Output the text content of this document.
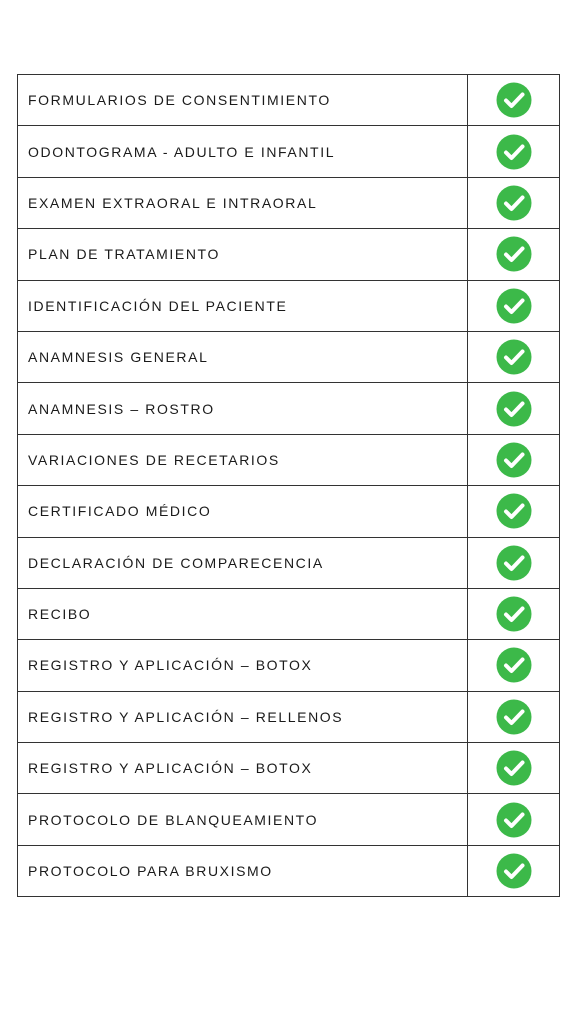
FORMULARIOS DE CONSENTIMIENTO	
ODONTOGRAMA - ADULTO E INFANTIL	
EXAMEN EXTRAORAL E INTRAORAL	
PLAN DE TRATAMIENTO	
IDENTIFICACIÓN DEL PACIENTE	
ANAMNESIS GENERAL	
ANAMNESIS – ROSTRO	
VARIACIONES DE RECETARIOS	
CERTIFICADO MÉDICO	
DECLARACIÓN DE COMPARECENCIA	
RECIBO	
REGISTRO Y APLICACIÓN – BOTOX	
REGISTRO Y APLICACIÓN – RELLENOS	
REGISTRO Y APLICACIÓN – BOTOX	
PROTOCOLO DE BLANQUEAMIENTO	
PROTOCOLO PARA BRUXISMO	
